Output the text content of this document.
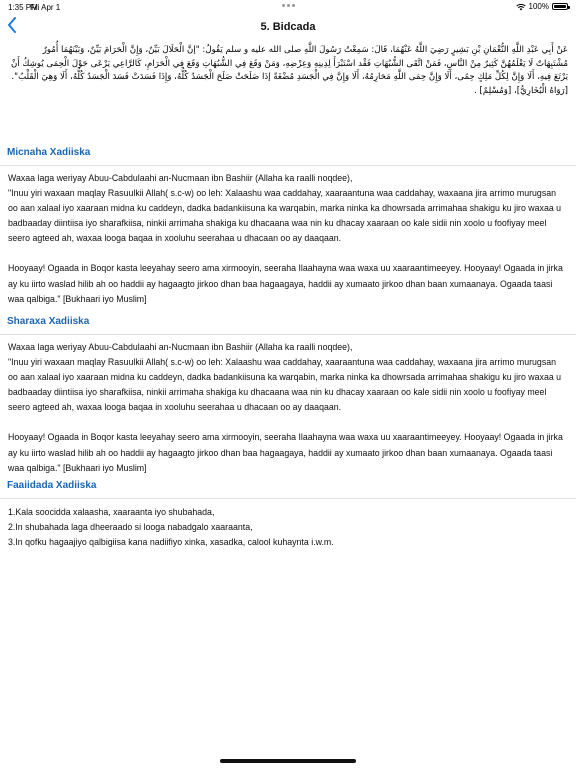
1:35 PM
Fri Apr 1	100%
5. Bidcada
عَنْ أَبِي عَبْدِ اللَّهِ النُّعْمَانِ بْنِ بَشِيرٍ رَضِيَ اللَّهُ عَنْهُمَا، قَالَ: سَمِعْتُ رَسُولَ اللَّهِ صلى الله عليه و سلم يَقُولُ: "إنَّ الْحَلَالَ بَيِّنٌ، وَإِنَّ الْحَرَامَ بَيِّنٌ، وَبَيْنَهُمَا أُمُورٌ مُشْتَبِهَاتٌ لَا يَعْلَمُهُنَّ كَثِيرٌ مِنْ النَّاسِ، فَمَنْ اتَّقَى الشُّبُهَاتِ فَقْد اسْتَبْرَأَ لِدِينِهِ وَعِرْضِهِ، وَمَنْ وَقَعَ فِي الشُّبُهَاتِ وَقَعَ فِي الْحَرَامِ، كَالرَّاعِي يَرْعَى حَوْلَ الْحِمَى يُوشِكُ أَنْ يَرْتَعَ فِيهِ، أَلَا وَإِنَّ لِكُلِّ مَلِكٍ حِمًى، أَلَا وَإِنَّ حِمَى اللَّهِ مَحَارِمُهُ، أَلَا وَإِنَّ فِي الْجَسَدِ مُضْغَةً إذَا صَلَحَتْ صَلَحَ الْجَسَدُ كُلُّهُ، وَإِذَا فَسَدَتْ فَسَدَ الْجَسَدُ كُلُّهُ، أَلَا وَهِيَ الْقَلْبُ".
[رَوَاهُ الْبُخَارِيُّ]، [وَمُسْلِمٌ] .
Micnaha Xadiiska

Waxaa laga weriyay Abuu-Cabdulaahi an-Nucmaan ibn Bashiir (Allaha ka raalli noqdee),

"Inuu yiri waxaan maqlay Rasuulkii Allah( s.c-w) oo leh: Xalaashu waa caddahay, xaaraantuna waa caddahay, waxaana jira arrimo murugsan oo aan xalaal iyo xaaraan midna ku caddeyn, dadka badankiisuna ka warqabin, marka ninka ka dhowrsada arrimahaa shakigu ku jiro waxaa u badbaaday diintiisa iyo sharafkiisa, ninkii arrimaha shakiga ku dhacaana waa nin ku dhacay xaaraan oo kale sidii nin xoolo u foofiyay meel seero agteed ah, waxaa looga baqaa in xooluhu seerahaa u dhacaan oo ay daaqaan.

Hooyaay! Ogaada in Boqor kasta leeyahay seero ama xirmooyin, seeraha Ilaahayna waa waxa uu xaaraantimeeyey. Hooyaay! Ogaada in jirka ay ku iirto waslad hilib ah oo haddii ay hagaagto jirkoo dhan baa hagaagaya, haddii ay xumaato jirkoo dhan baan xumaanaya. Ogaada taasi waa qalbiga." [Bukhaari iyo Muslim]

Sharaxa Xadiiska

Waxaa laga weriyay Abuu-Cabdulaahi an-Nucmaan ibn Bashiir (Allaha ka raalli noqdee),

"Inuu yiri waxaan maqlay Rasuulkii Allah( s.c-w) oo leh: Xalaashu waa caddahay, xaaraantuna waa caddahay, waxaana jira arrimo murugsan oo aan xalaal iyo xaaraan midna ku caddeyn, dadka badankiisuna ka warqabin, marka ninka ka dhowrsada arrimahaa shakigu ku jiro waxaa u badbaaday diintiisa iyo sharafkiisa, ninkii arrimaha shakiga ku dhacaana waa nin ku dhacay xaaraan oo kale sidii nin xoolo u foofiyay meel seero agteed ah, waxaa looga baqaa in xooluhu seerahaa u dhacaan oo ay daaqaan.

Hooyaay! Ogaada in Boqor kasta leeyahay seero ama xirmooyin, seeraha Ilaahayna waa waxa uu xaaraantimeeyey. Hooyaay! Ogaada in jirka ay ku iirto waslad hilib ah oo haddii ay hagaagto jirkoo dhan baa hagaagaya, haddii ay xumaato jirkoo dhan baan xumaanaya. Ogaada taasi waa qalbiga." [Bukhaari iyo Muslim]

Faaiidada Xadiiska

1.Kala soocidda xalaasha, xaaraanta iyo shubahada,

2.In shubahada laga dheeraado si looga nabadgalo xaaraanta,

3.In qofku hagaajiyo qalbigiisa kana nadiifiyo xinka, xasadka, calool kuhaynta i.w.m.
